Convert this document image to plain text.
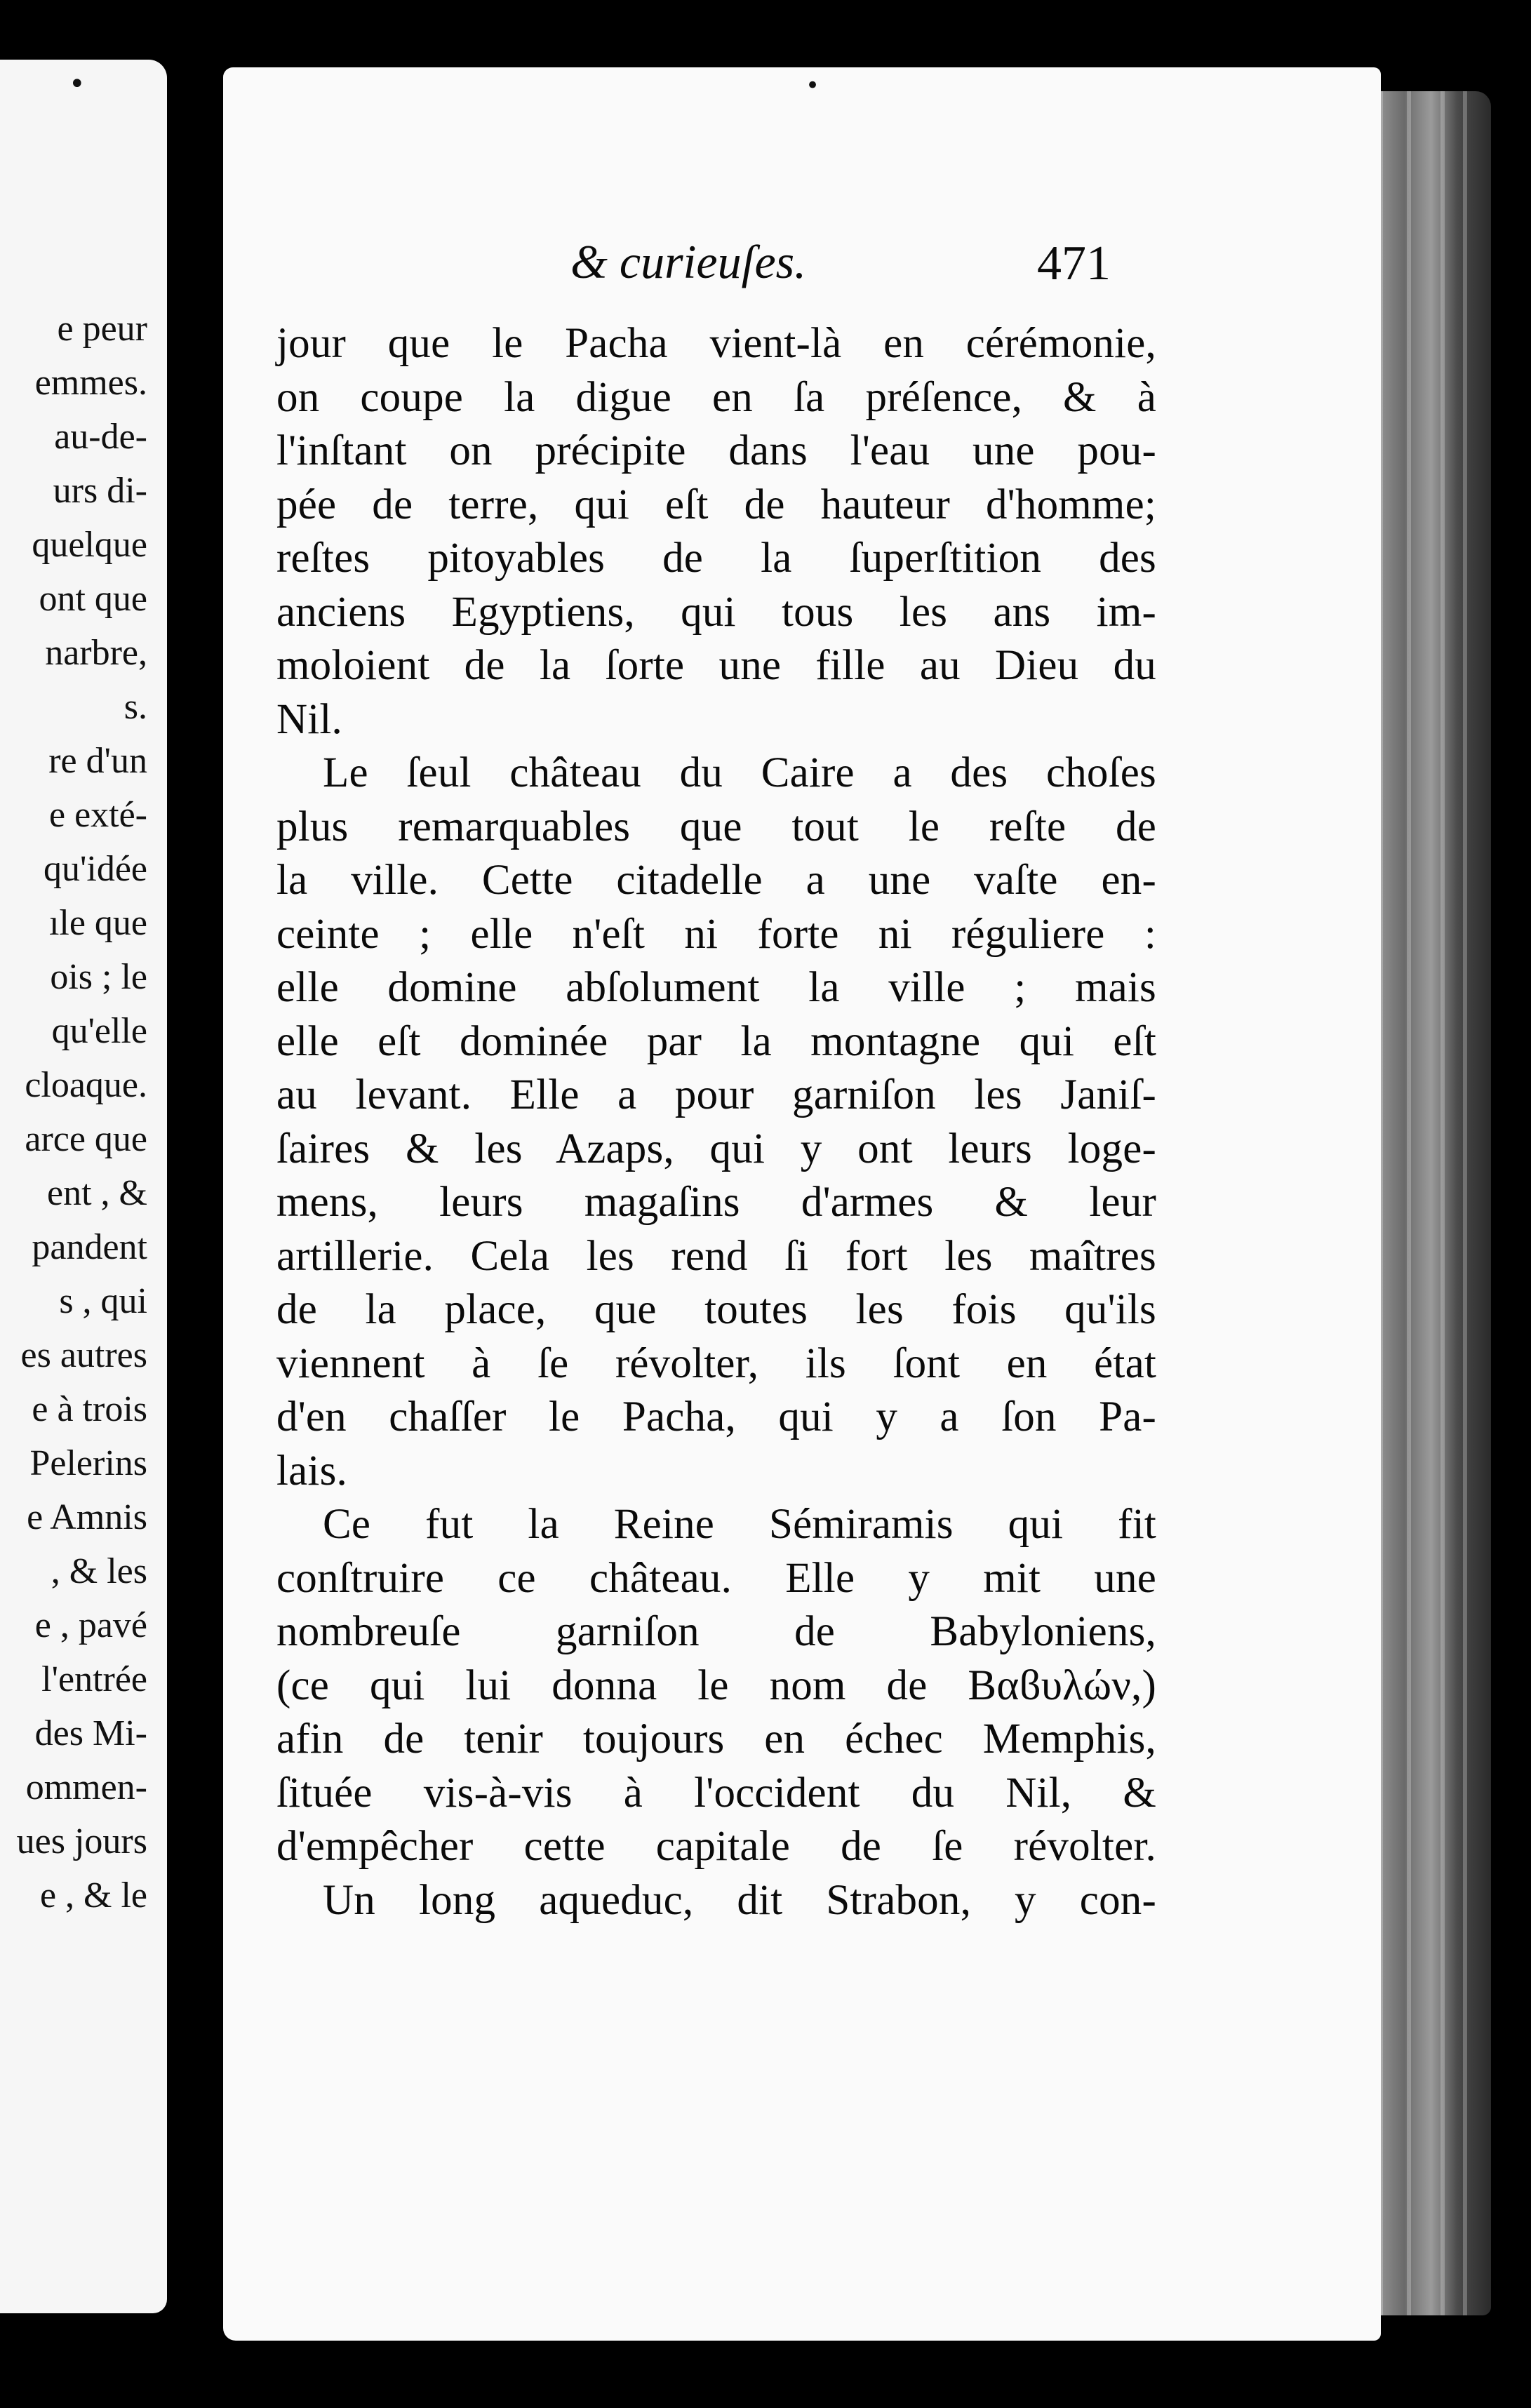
•
e peur
emmes.
au-de-
urs di-
quelque
ont que
narbre,
s.
re d'un
e exté-
qu'idée
ıle que
ois ; le
qu'elle
cloaque.
arce que
ent , &
pandent
s , qui
es autres
e à trois
Pelerins
e Amnis
, & les
e , pavé
l'entrée
des Mi-
ommen-
ues jours
e , & le
•
& curieuſes.	471
jour que le Pacha vient-là en cérémonie,
on coupe la digue en ſa préſence, & à
l'inſtant on précipite dans l'eau une pou-
pée de terre, qui eſt de hauteur d'homme;
reſtes pitoyables de la ſuperſtition des
anciens Egyptiens, qui tous les ans im-
moloient de la ſorte une fille au Dieu du
Nil.
Le ſeul château du Caire a des choſes
plus remarquables que tout le reſte de
la ville. Cette citadelle a une vaſte en-
ceinte ; elle n'eſt ni forte ni réguliere :
elle domine abſolument la ville ; mais
elle eſt dominée par la montagne qui eſt
au levant. Elle a pour garniſon les Janiſ-
ſaires & les Azaps, qui y ont leurs loge-
mens, leurs magaſins d'armes & leur
artillerie. Cela les rend ſi fort les maîtres
de la place, que toutes les fois qu'ils
viennent à ſe révolter, ils ſont en état
d'en chaſſer le Pacha, qui y a ſon Pa-
lais.
Ce fut la Reine Sémiramis qui fit
conſtruire ce château. Elle y mit une
nombreuſe garniſon de Babyloniens,
(ce qui lui donna le nom de Βαϐυλών,)
afin de tenir toujours en échec Memphis,
ſituée vis-à-vis à l'occident du Nil, &
d'empêcher cette capitale de ſe révolter.
Un long aqueduc, dit Strabon, y con-
